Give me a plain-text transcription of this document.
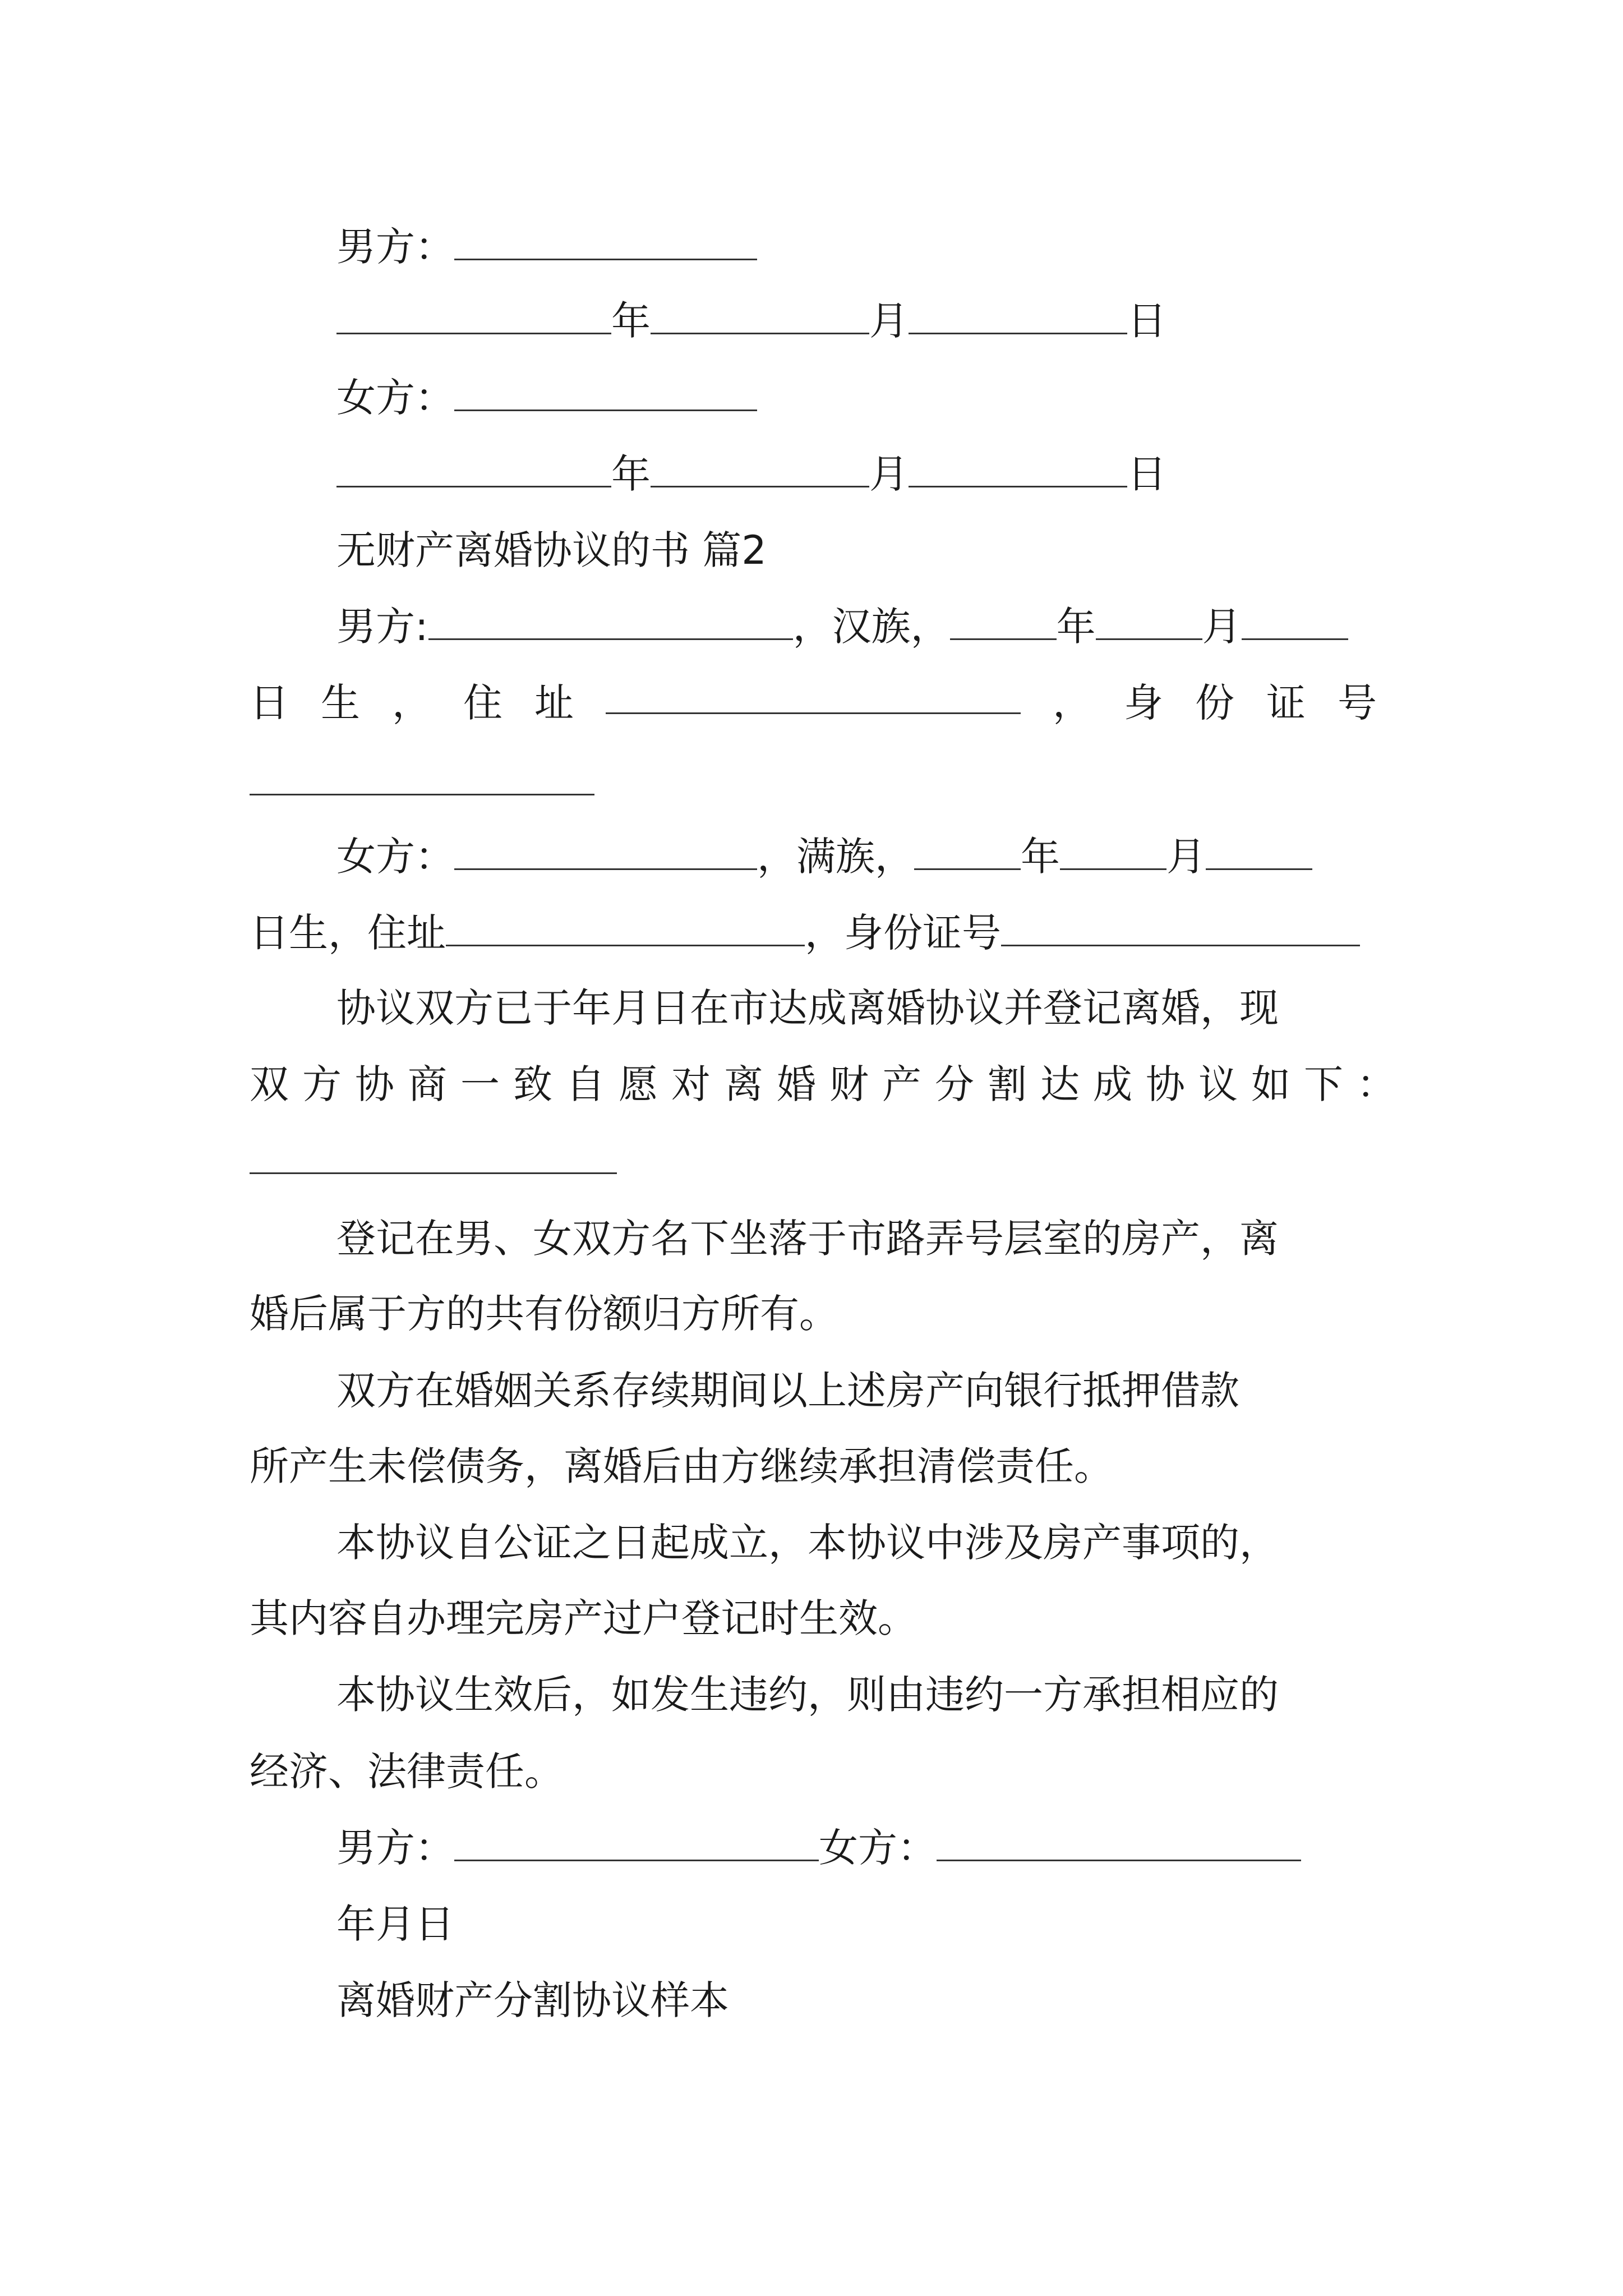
男方：
年	月	日
女方：
年	月	日
无财产离婚协议的书 篇2
男方:	，汉族，	年	月
日 生 ， 住 址	， 身 份 证 号
女方：	，满族，	年	月
日生，住址	，身份证号
协议双方已于年月日在市达成离婚协议并登记离婚，现
双方协商一致自愿对离婚财产分割达成协议如下：
登记在男、女双方名下坐落于市路弄号层室的房产，离
婚后属于方的共有份额归方所有。
双方在婚姻关系存续期间以上述房产向银行抵押借款
所产生未偿债务，离婚后由方继续承担清偿责任。
本协议自公证之日起成立，本协议中涉及房产事项的，
其内容自办理完房产过户登记时生效。
本协议生效后，如发生违约，则由违约一方承担相应的
经济、法律责任。
男方：	女方：
年月日
离婚财产分割协议样本
